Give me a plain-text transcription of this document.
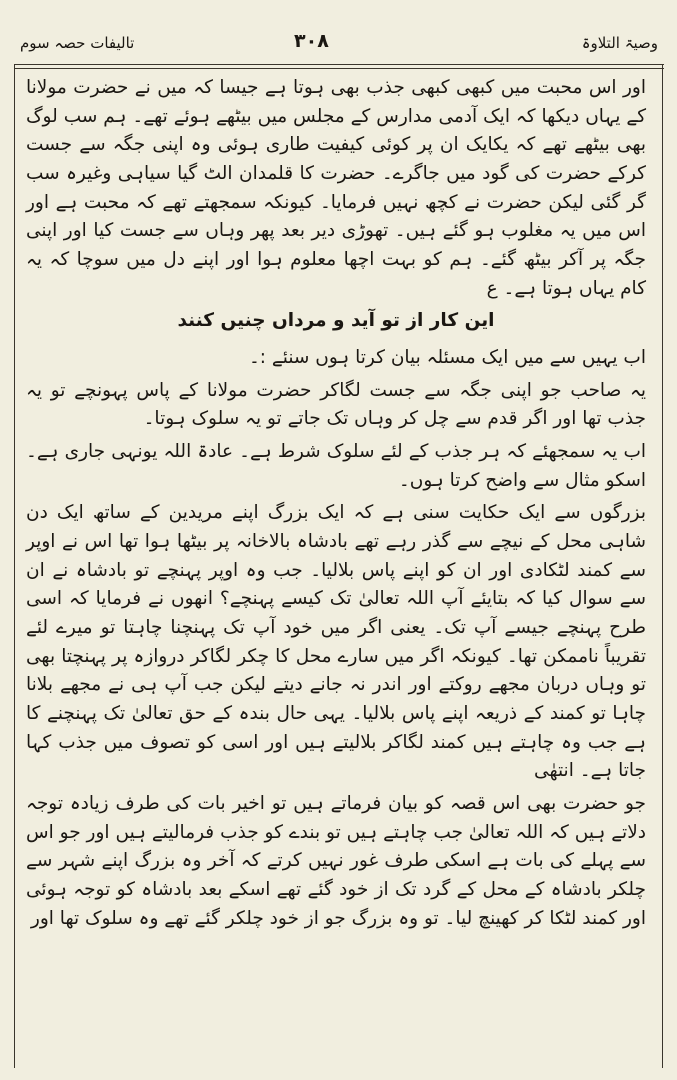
تالیفات حصہ سوم	۳۰۸	وصیۃ التلاوۃ

اور اس محبت میں کبھی کبھی جذب بھی ہوتا ہے جیسا کہ میں نے حضرت مولانا کے یہاں دیکھا کہ ایک آدمی مدارس کے مجلس میں بیٹھے ہوئے تھے۔ ہم سب لوگ بھی بیٹھے تھے کہ یکایک ان پر کوئی کیفیت طاری ہوئی وہ اپنی جگہ سے جست کرکے حضرت کی گود میں جاگرے۔ حضرت کا قلمدان الٹ گیا سیاہی وغیرہ سب گر گئی لیکن حضرت نے کچھ نہیں فرمایا۔ کیونکہ سمجھتے تھے کہ محبت ہے اور اس میں یہ مغلوب ہو گئے ہیں۔ تھوڑی دیر بعد پھر وہاں سے جست کیا اور اپنی جگہ پر آکر بیٹھ گئے۔ ہم کو بہت اچھا معلوم ہوا اور اپنے دل میں سوچا کہ یہ کام یہاں ہوتا ہے۔ ع

این کار از تو آید و مرداں چنیں کنند

اب یہیں سے میں ایک مسئلہ بیان کرتا ہوں سنئے :۔

یہ صاحب جو اپنی جگہ سے جست لگاکر حضرت مولانا کے پاس پہونچے تو یہ جذب تھا اور اگر قدم سے چل کر وہاں تک جاتے تو یہ سلوک ہوتا۔

اب یہ سمجھئے کہ ہر جذب کے لئے سلوک شرط ہے۔ عادۃ اللہ یونہی جاری ہے۔ اسکو مثال سے واضح کرتا ہوں۔

بزرگوں سے ایک حکایت سنی ہے کہ ایک بزرگ اپنے مریدین کے ساتھ ایک دن شاہی محل کے نیچے سے گذر رہے تھے بادشاہ بالاخانہ پر بیٹھا ہوا تھا اس نے اوپر سے کمند لٹکادی اور ان کو اپنے پاس بلالیا۔ جب وہ اوپر پہنچے تو بادشاہ نے ان سے سوال کیا کہ بتایئے آپ اللہ تعالیٰ تک کیسے پہنچے؟ انھوں نے فرمایا کہ اسی طرح پہنچے جیسے آپ تک۔ یعنی اگر میں خود آپ تک پہنچنا چاہتا تو میرے لئے تقریباً ناممکن تھا۔ کیونکہ اگر میں سارے محل کا چکر لگاکر دروازہ پر پہنچتا بھی تو وہاں دربان مجھے روکتے اور اندر نہ جانے دیتے لیکن جب آپ ہی نے مجھے بلانا چاہا تو کمند کے ذریعہ اپنے پاس بلالیا۔ یہی حال بندہ کے حق تعالیٰ تک پہنچنے کا ہے جب وہ چاہتے ہیں کمند لگاکر بلالیتے ہیں اور اسی کو تصوف میں جذب کہا جاتا ہے۔ انتھٰی

جو حضرت بھی اس قصہ کو بیان فرماتے ہیں تو اخیر بات کی طرف زیادہ توجہ دلاتے ہیں کہ اللہ تعالیٰ جب چاہتے ہیں تو بندے کو جذب فرمالیتے ہیں اور جو اس سے پہلے کی بات ہے اسکی طرف غور نہیں کرتے کہ آخر وہ بزرگ اپنے شہر سے چلکر بادشاہ کے محل کے گرد تک از خود گئے تھے اسکے بعد بادشاہ کو توجہ ہوئی اور کمند لٹکا کر کھینچ لیا۔ تو وہ بزرگ جو از خود چلکر گئے تھے وہ سلوک تھا اور
